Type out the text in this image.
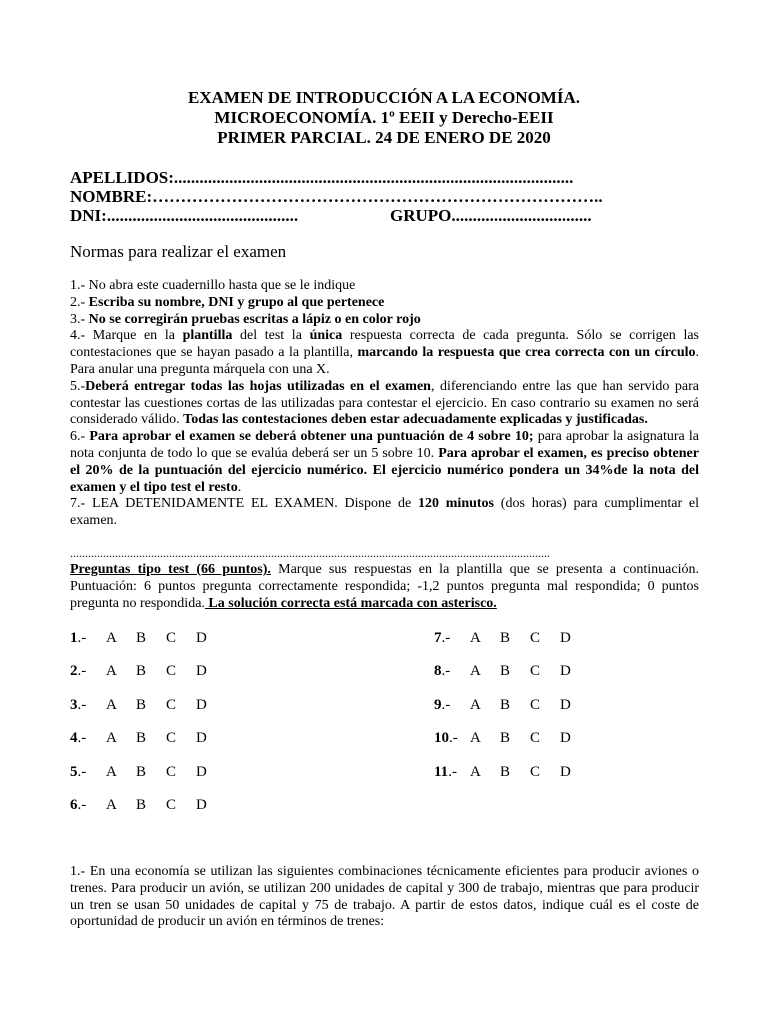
EXAMEN DE INTRODUCCIÓN A LA ECONOMÍA.
MICROECONOMÍA. 1º EEII y Derecho-EEII
PRIMER PARCIAL. 24 DE ENERO DE 2020
APELLIDOS:..............................................................................................
NOMBRE:……………………………………………………………………..
DNI:.............................................	GRUPO.................................
Normas para realizar el examen

1.- No abra este cuadernillo hasta que se le indique

2.- Escriba su nombre, DNI y grupo al que pertenece

3.- No se corregirán pruebas escritas a lápiz o en color rojo

4.- Marque en la plantilla del test la única respuesta correcta de cada pregunta. Sólo se corrigen las contestaciones que se hayan pasado a la plantilla, marcando la respuesta que crea correcta con un círculo. Para anular una pregunta márquela con una X.

5.-Deberá entregar todas las hojas utilizadas en el examen, diferenciando entre las que han servido para contestar las cuestiones cortas de las utilizadas para contestar el ejercicio. En caso contrario su examen no será considerado válido. Todas las contestaciones deben estar adecuadamente explicadas y justificadas.

6.- Para aprobar el examen se deberá obtener una puntuación de 4 sobre 10; para aprobar la asignatura la nota conjunta de todo lo que se evalúa deberá ser un 5 sobre 10. Para aprobar el examen, es preciso obtener el 20% de la puntuación del ejercicio numérico. El ejercicio numérico pondera un 34%de la nota del examen y el tipo test el resto.

7.- LEA DETENIDAMENTE EL EXAMEN. Dispone de 120 minutos (dos horas) para cumplimentar el examen.

................................................................................................................................................................

Preguntas tipo test (66 puntos). Marque sus respuestas en la plantilla que se presenta a continuación. Puntuación: 6 puntos pregunta correctamente respondida; -1,2 puntos pregunta mal respondida; 0 puntos pregunta no respondida. La solución correcta está marcada con asterisco.

1.- A B C D
2.- A B C D
3.- A B C D
4.- A B C D
5.- A B C D
6.- A B C D
7.- A B C D
8.- A B C D
9.- A B C D
10.- A B C D
11.- A B C D

1.- En una economía se utilizan las siguientes combinaciones técnicamente eficientes para producir aviones o trenes. Para producir un avión, se utilizan 200 unidades de capital y 300 de trabajo, mientras que para producir un tren se usan 50 unidades de capital y 75 de trabajo. A partir de estos datos, indique cuál es el coste de oportunidad de producir un avión en términos de trenes:
